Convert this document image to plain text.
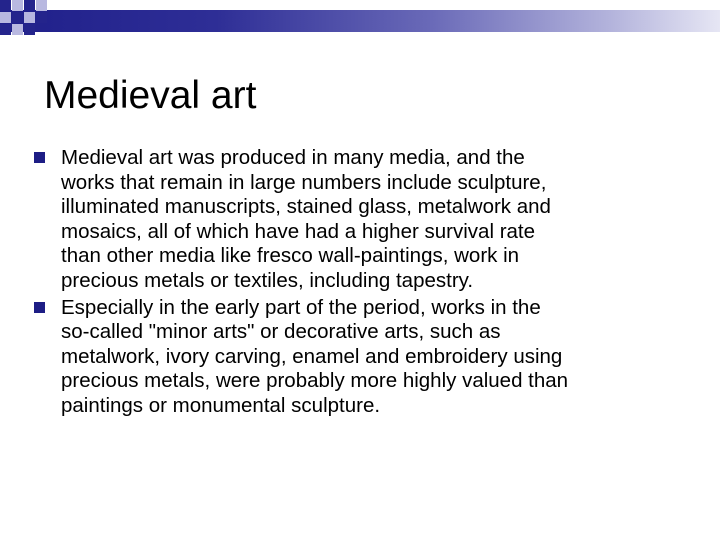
Medieval art
Medieval art was produced in many media, and the
works that remain in large numbers include sculpture,
illuminated manuscripts, stained glass, metalwork and
mosaics, all of which have had a higher survival rate
than other media like fresco wall-paintings, work in
precious metals or textiles, including tapestry.
Especially in the early part of the period, works in the
so-called "minor arts" or decorative arts, such as
metalwork, ivory carving, enamel and embroidery using
precious metals, were probably more highly valued than
paintings or monumental sculpture.
